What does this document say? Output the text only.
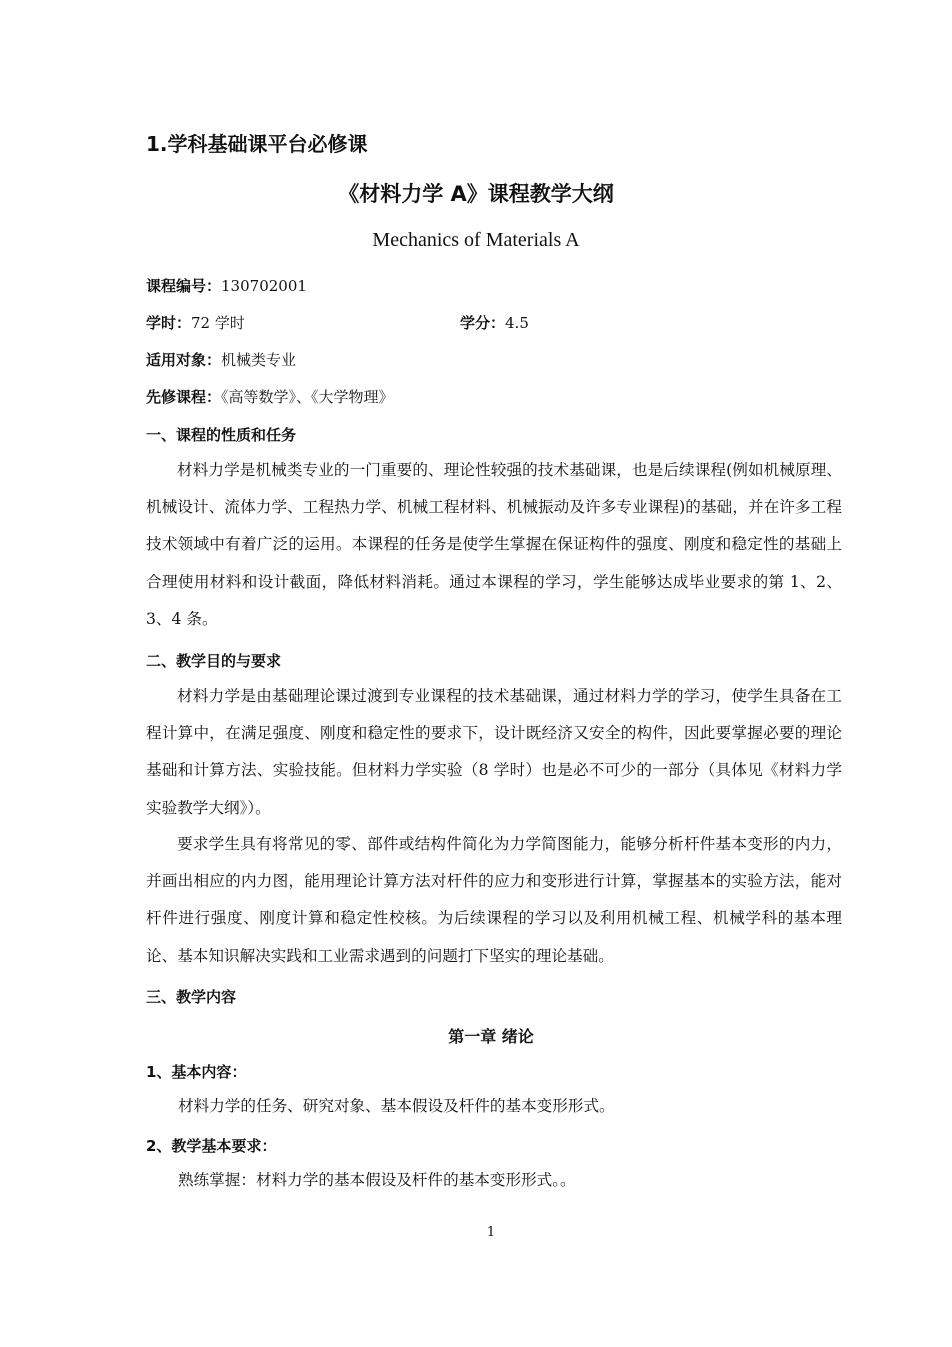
1.学科基础课平台必修课
《材料力学 A》课程教学大纲
Mechanics of Materials A
课程编号：130702001
学时：72 学时	学分：4.5
适用对象：机械类专业
先修课程：《高等数学》、《大学物理》
一、课程的性质和任务
材料力学是机械类专业的一门重要的、理论性较强的技术基础课，也是后续课程(例如机械原理、机械设计、流体力学、工程热力学、机械工程材料、机械振动及许多专业课程)的基础，并在许多工程技术领域中有着广泛的运用。本课程的任务是使学生掌握在保证构件的强度、刚度和稳定性的基础上合理使用材料和设计截面，降低材料消耗。通过本课程的学习，学生能够达成毕业要求的第 1、2、3、4 条。
二、教学目的与要求
材料力学是由基础理论课过渡到专业课程的技术基础课，通过材料力学的学习，使学生具备在工程计算中，在满足强度、刚度和稳定性的要求下，设计既经济又安全的构件，因此要掌握必要的理论基础和计算方法、实验技能。但材料力学实验（8 学时）也是必不可少的一部分（具体见《材料力学实验教学大纲》）。
要求学生具有将常见的零、部件或结构件简化为力学简图能力，能够分析杆件基本变形的内力，并画出相应的内力图，能用理论计算方法对杆件的应力和变形进行计算，掌握基本的实验方法，能对杆件进行强度、刚度计算和稳定性校核。为后续课程的学习以及利用机械工程、机械学科的基本理论、基本知识解决实践和工业需求遇到的问题打下坚实的理论基础。
三、教学内容
第一章 绪论
1、基本内容：
材料力学的任务、研究对象、基本假设及杆件的基本变形形式。
2、教学基本要求：
熟练掌握：材料力学的基本假设及杆件的基本变形形式。。
1
